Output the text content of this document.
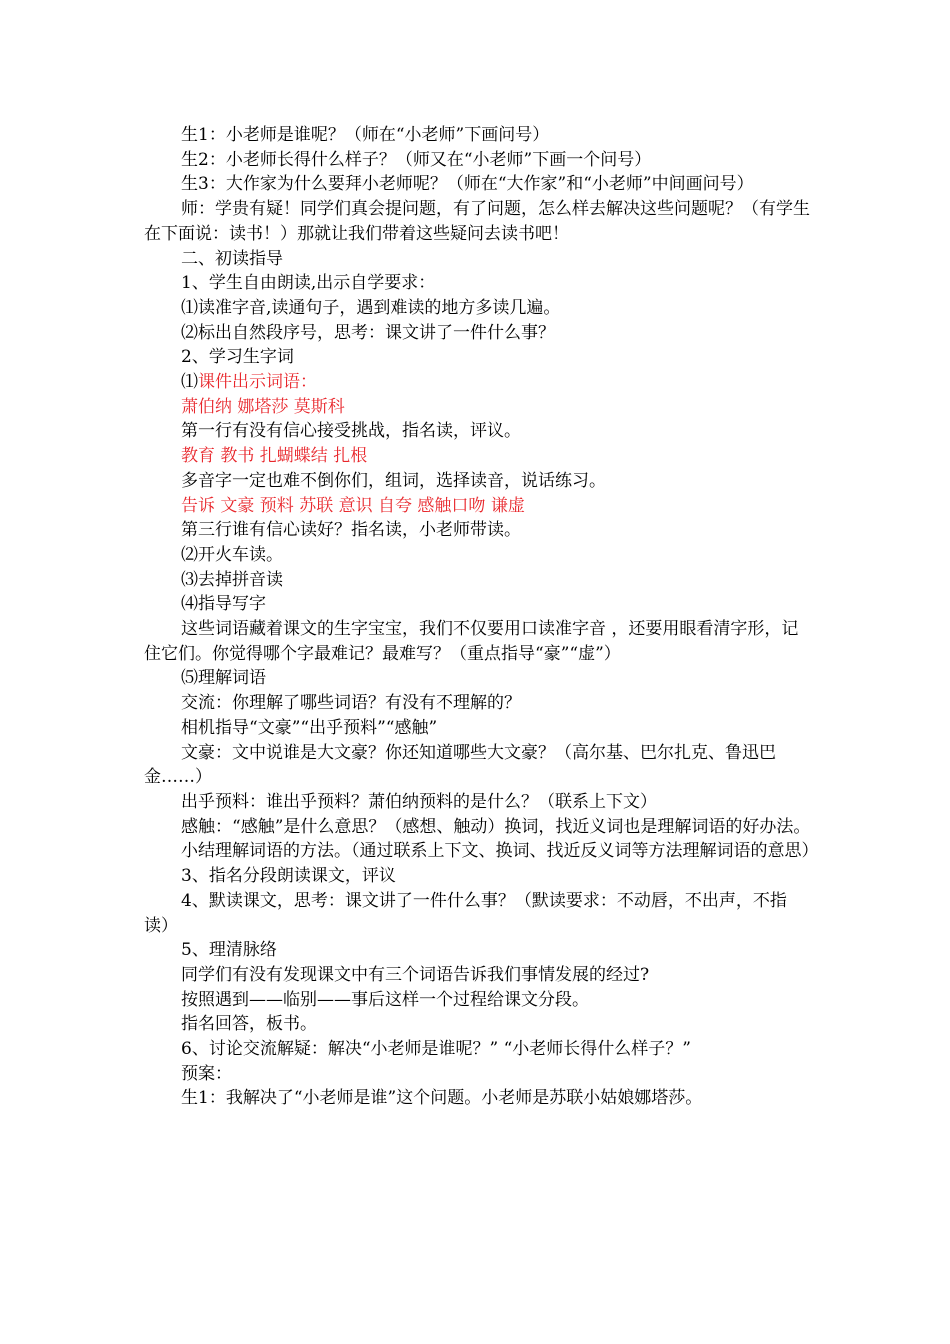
生1：小老师是谁呢？（师在“小老师”下画问号）

生2：小老师长得什么样子？（师又在“小老师”下画一个问号）

生3：大作家为什么要拜小老师呢？（师在“大作家”和“小老师”中间画问号）

师：学贵有疑！同学们真会提问题，有了问题，怎么样去解决这些问题呢？（有学生在下面说：读书！）那就让我们带着这些疑问去读书吧！

二、初读指导

1、学生自由朗读,出示自学要求：

⑴读准字音,读通句子，遇到难读的地方多读几遍。

⑵标出自然段序号，思考：课文讲了一件什么事？

2、学习生字词

⑴课件出示词语：

萧伯纳 娜塔莎 莫斯科

第一行有没有信心接受挑战，指名读，评议。

教育 教书 扎蝴蝶结 扎根

多音字一定也难不倒你们，组词，选择读音，说话练习。

告诉 文豪 预料 苏联 意识 自夸 感触口吻 谦虚

第三行谁有信心读好？指名读，小老师带读。

⑵开火车读。

⑶去掉拼音读

⑷指导写字

这些词语藏着课文的生字宝宝，我们不仅要用口读准字音 ，还要用眼看清字形，记住它们。你觉得哪个字最难记？最难写？（重点指导“豪”“虚”）

⑸理解词语

交流：你理解了哪些词语？有没有不理解的？

相机指导“文豪”“出乎预料”“感触”

文豪：文中说谁是大文豪？你还知道哪些大文豪？（高尔基、巴尔扎克、鲁迅巴金……）

出乎预料：谁出乎预料？萧伯纳预料的是什么？（联系上下文）

感触：“感触”是什么意思？（感想、触动）换词，找近义词也是理解词语的好办法。

小结理解词语的方法。（通过联系上下文、换词、找近反义词等方法理解词语的意思）

3、指名分段朗读课文，评议

4、默读课文，思考：课文讲了一件什么事？（默读要求：不动唇，不出声，不指读）

5、理清脉络

同学们有没有发现课文中有三个词语告诉我们事情发展的经过?

按照遇到——临别——事后这样一个过程给课文分段。

指名回答，板书。

6、讨论交流解疑：解决“小老师是谁呢？” “小老师长得什么样子？”

预案：

生1：我解决了“小老师是谁”这个问题。小老师是苏联小姑娘娜塔莎。
